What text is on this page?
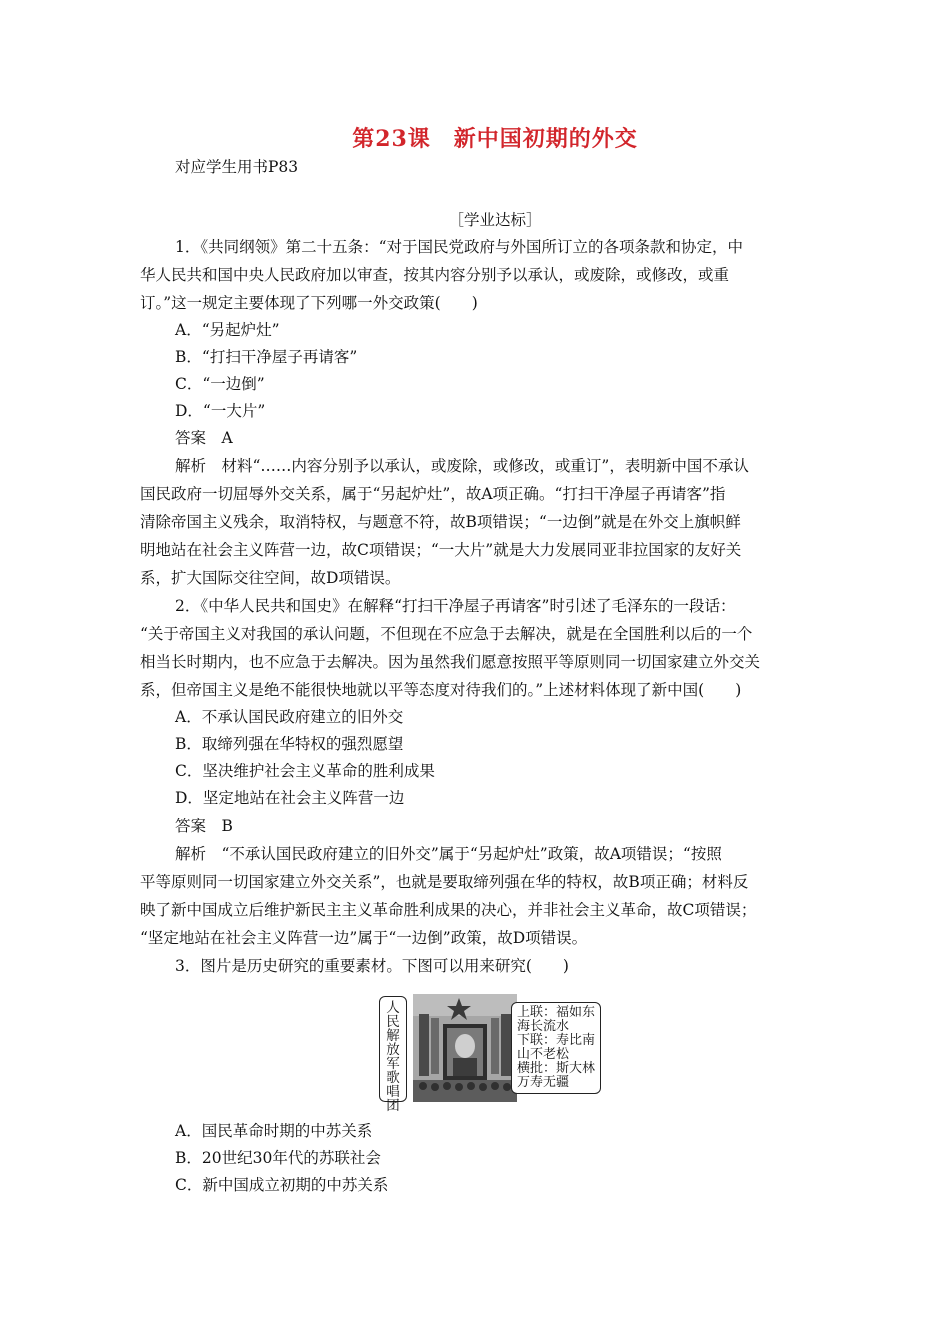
第23课　新中国初期的外交
对应学生用书P83
［学业达标］
1．《共同纲领》第二十五条：“对于国民党政府与外国所订立的各项条款和协定，中
华人民共和国中央人民政府加以审查，按其内容分别予以承认，或废除，或修改，或重
订。”这一规定主要体现了下列哪一外交政策(　　)
A．“另起炉灶”
B．“打扫干净屋子再请客”
C．“一边倒”
D．“一大片”
答案　A
解析　材料“……内容分别予以承认，或废除，或修改，或重订”，表明新中国不承认
国民政府一切屈辱外交关系，属于“另起炉灶”，故A项正确。“打扫干净屋子再请客”指
清除帝国主义残余，取消特权，与题意不符，故B项错误；“一边倒”就是在外交上旗帜鲜
明地站在社会主义阵营一边，故C项错误；“一大片”就是大力发展同亚非拉国家的友好关
系，扩大国际交往空间，故D项错误。
2．《中华人民共和国史》在解释“打扫干净屋子再请客”时引述了毛泽东的一段话：
“关于帝国主义对我国的承认问题，不但现在不应急于去解决，就是在全国胜利以后的一个
相当长时期内，也不应急于去解决。因为虽然我们愿意按照平等原则同一切国家建立外交关
系，但帝国主义是绝不能很快地就以平等态度对待我们的。”上述材料体现了新中国(　　)
A．不承认国民政府建立的旧外交
B．取缔列强在华特权的强烈愿望
C．坚决维护社会主义革命的胜利成果
D．坚定地站在社会主义阵营一边
答案　B
解析　“不承认国民政府建立的旧外交”属于“另起炉灶”政策，故A项错误；“按照
平等原则同一切国家建立外交关系”，也就是要取缔列强在华的特权，故B项正确；材料反
映了新中国成立后维护新民主主义革命胜利成果的决心，并非社会主义革命，故C项错误；
“坚定地站在社会主义阵营一边”属于“一边倒”政策，故D项错误。
3．图片是历史研究的重要素材。下图可以用来研究(　　)
人民解放军歌唱团
上联：福如东
海长流水
下联：寿比南
山不老松
横批：斯大林
万寿无疆
A．国民革命时期的中苏关系
B．20世纪30年代的苏联社会
C．新中国成立初期的中苏关系
